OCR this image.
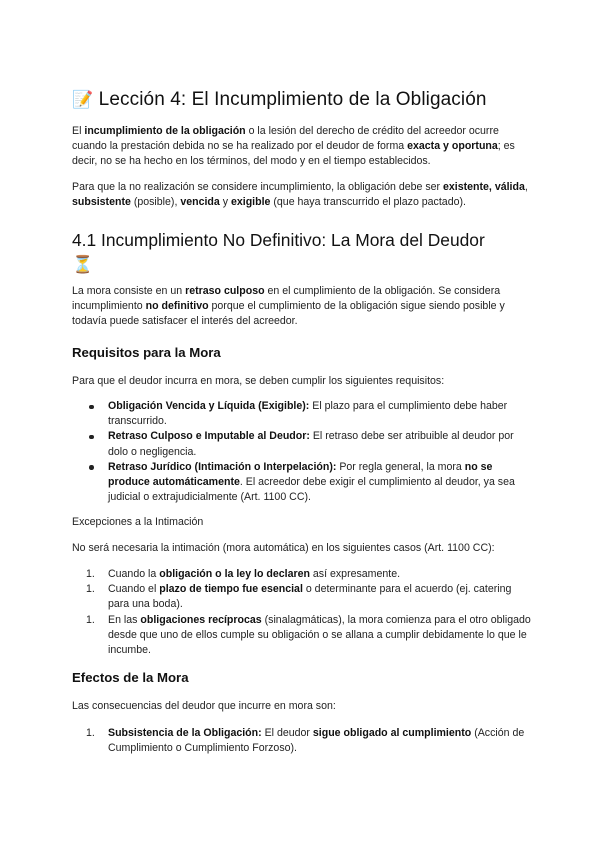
📝 Lección 4: El Incumplimiento de la Obligación

El incumplimiento de la obligación o la lesión del derecho de crédito del acreedor ocurre cuando la prestación debida no se ha realizado por el deudor de forma exacta y oportuna; es decir, no se ha hecho en los términos, del modo y en el tiempo establecidos.

Para que la no realización se considere incumplimiento, la obligación debe ser existente, válida, subsistente (posible), vencida y exigible (que haya transcurrido el plazo pactado).

4.1 Incumplimiento No Definitivo: La Mora del Deudor
⏳

La mora consiste en un retraso culposo en el cumplimiento de la obligación. Se considera incumplimiento no definitivo porque el cumplimiento de la obligación sigue siendo posible y todavía puede satisfacer el interés del acreedor.

Requisitos para la Mora

Para que el deudor incurra en mora, se deben cumplir los siguientes requisitos:

Obligación Vencida y Líquida (Exigible): El plazo para el cumplimiento debe haber transcurrido.
Retraso Culposo e Imputable al Deudor: El retraso debe ser atribuible al deudor por dolo o negligencia.
Retraso Jurídico (Intimación o Interpelación): Por regla general, la mora no se produce automáticamente. El acreedor debe exigir el cumplimiento al deudor, ya sea judicial o extrajudicialmente (Art. 1100 CC).

Excepciones a la Intimación

No será necesaria la intimación (mora automática) en los siguientes casos (Art. 1100 CC):

1. Cuando la obligación o la ley lo declaren así expresamente.
1. Cuando el plazo de tiempo fue esencial o determinante para el acuerdo (ej. catering para una boda).
1. En las obligaciones recíprocas (sinalagmáticas), la mora comienza para el otro obligado desde que uno de ellos cumple su obligación o se allana a cumplir debidamente lo que le incumbe.
Efectos de la Mora

Las consecuencias del deudor que incurre en mora son:

1. Subsistencia de la Obligación: El deudor sigue obligado al cumplimiento (Acción de Cumplimiento o Cumplimiento Forzoso).
